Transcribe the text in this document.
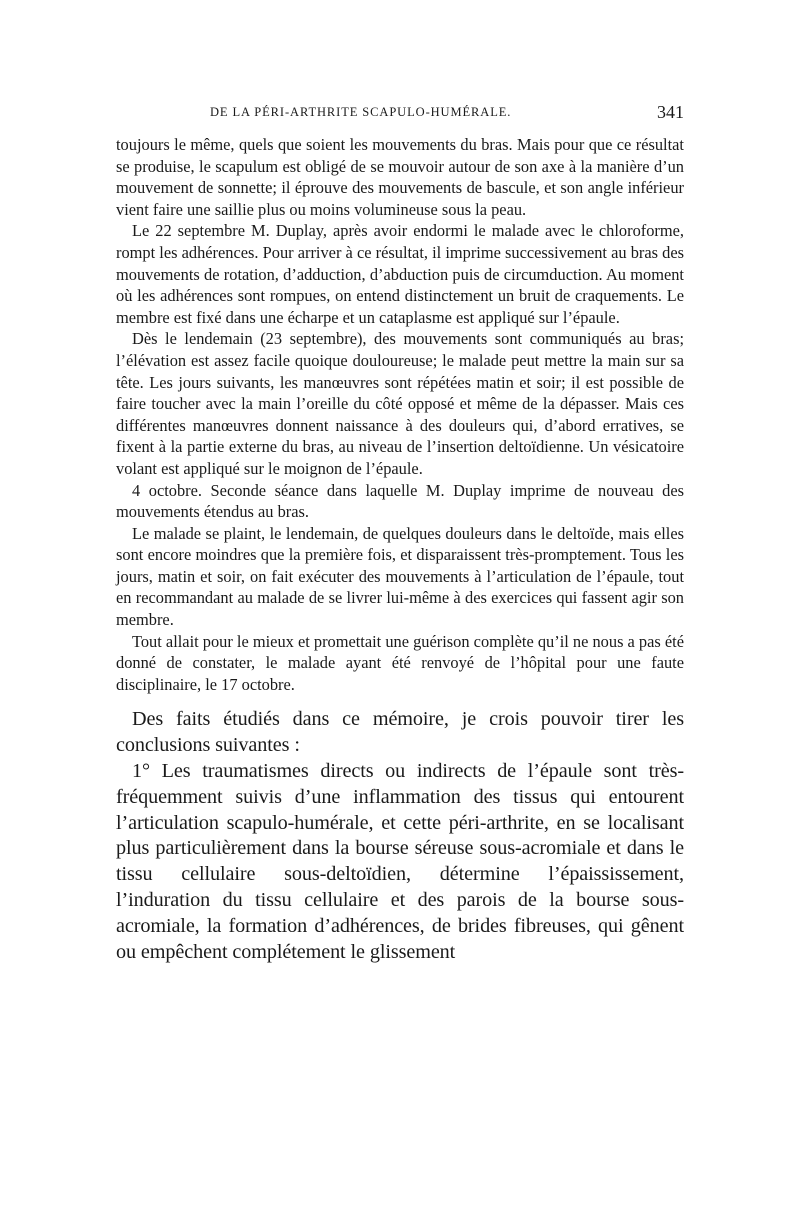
DE LA PÉRI-ARTHRITE SCAPULO-HUMÉRALE.	341

toujours le même, quels que soient les mouvements du bras. Mais pour que ce résultat se produise, le scapulum est obligé de se mouvoir autour de son axe à la manière d’un mouvement de sonnette; il éprouve des mouvements de bascule, et son angle inférieur vient faire une saillie plus ou moins volumineuse sous la peau.

Le 22 septembre M. Duplay, après avoir endormi le malade avec le chloroforme, rompt les adhérences. Pour arriver à ce résultat, il imprime successivement au bras des mouvements de rotation, d’adduction, d’abduction puis de circumduction. Au moment où les adhérences sont rompues, on entend distinctement un bruit de craquements. Le membre est fixé dans une écharpe et un cataplasme est appliqué sur l’épaule.

Dès le lendemain (23 septembre), des mouvements sont communiqués au bras; l’élévation est assez facile quoique douloureuse; le malade peut mettre la main sur sa tête. Les jours suivants, les manœuvres sont répétées matin et soir; il est possible de faire toucher avec la main l’oreille du côté opposé et même de la dépasser. Mais ces différentes manœuvres donnent naissance à des douleurs qui, d’abord erratives, se fixent à la partie externe du bras, au niveau de l’insertion deltoïdienne. Un vésicatoire volant est appliqué sur le moignon de l’épaule.

4 octobre. Seconde séance dans laquelle M. Duplay imprime de nouveau des mouvements étendus au bras.

Le malade se plaint, le lendemain, de quelques douleurs dans le deltoïde, mais elles sont encore moindres que la première fois, et disparaissent très-promptement. Tous les jours, matin et soir, on fait exécuter des mouvements à l’articulation de l’épaule, tout en recommandant au malade de se livrer lui-même à des exercices qui fassent agir son membre.

Tout allait pour le mieux et promettait une guérison complète qu’il ne nous a pas été donné de constater, le malade ayant été renvoyé de l’hôpital pour une faute disciplinaire, le 17 octobre.

Des faits étudiés dans ce mémoire, je crois pouvoir tirer les conclusions suivantes :

1° Les traumatismes directs ou indirects de l’épaule sont très-fréquemment suivis d’une inflammation des tissus qui entourent l’articulation scapulo-humérale, et cette péri-arthrite, en se localisant plus particulièrement dans la bourse séreuse sous-acromiale et dans le tissu cellulaire sous-deltoïdien, détermine l’épaississement, l’induration du tissu cellulaire et des parois de la bourse sous-acromiale, la formation d’adhérences, de brides fibreuses, qui gênent ou empêchent complétement le glissement
